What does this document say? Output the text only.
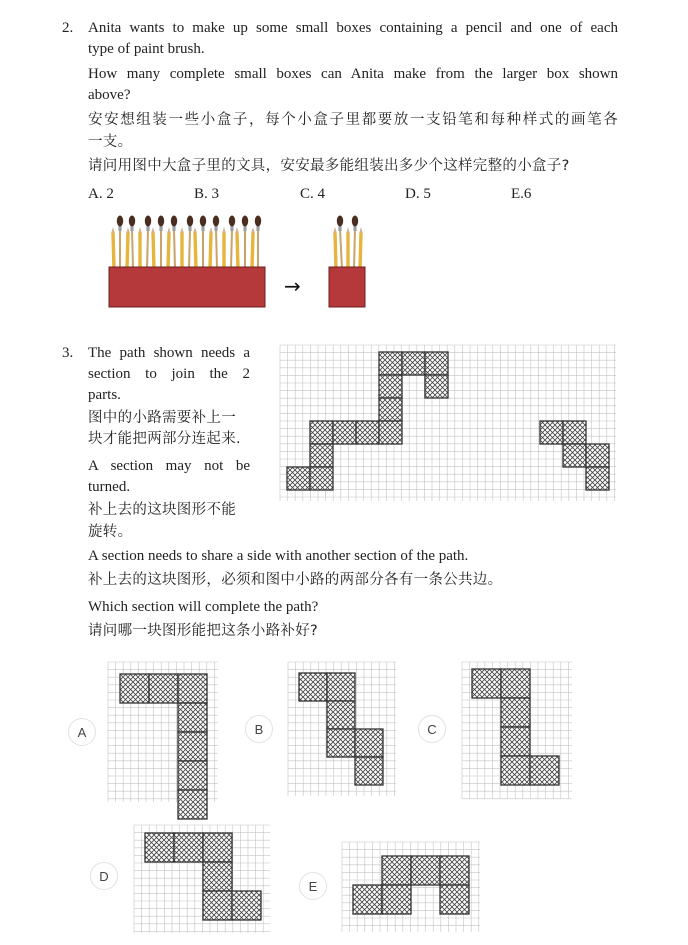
2. Anita wants to make up some small boxes containing a pencil and one of each
type of paint brush.
How many complete small boxes can Anita make from the larger box shown
above?
安安想组装一些小盒子，每个小盒子里都要放一支铅笔和每种样式的画笔各
一支。
请问用图中大盒子里的文具，安安最多能组装出多少个这样完整的小盒子?
A. 2	B. 3	C. 4	D. 5	E.6
→
3. The path shown needs a
section to join the 2
parts.
图中的小路需要补上一
块才能把两部分连起来.
A section may not be
turned.
补上去的这块图形不能
旋转。
A section needs to share a side with another section of the path.
补上去的这块图形，必须和图中小路的两部分各有一条公共边。
Which section will complete the path?
请问哪一块图形能把这条小路补好?
A	B	C
D
E
